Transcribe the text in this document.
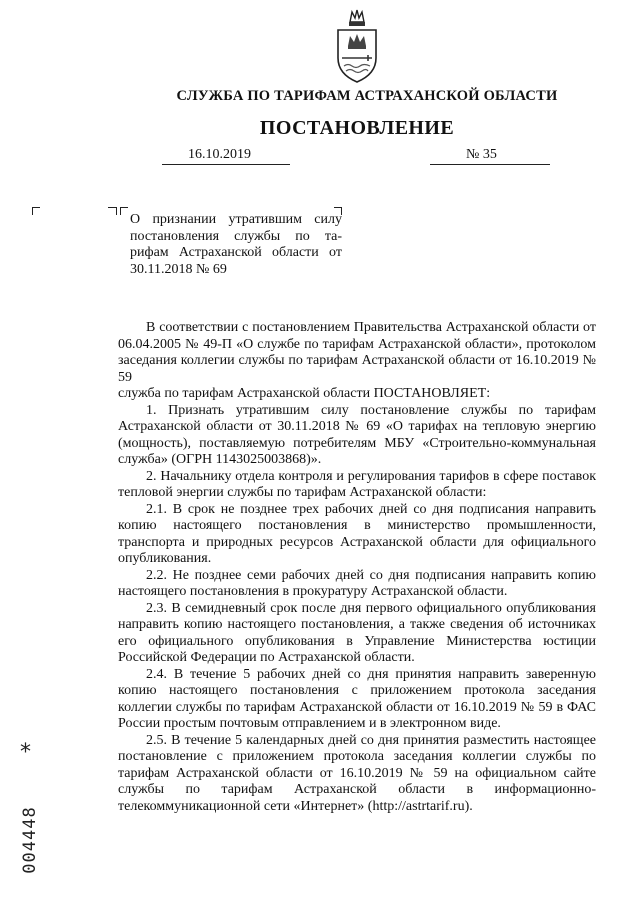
СЛУЖБА ПО ТАРИФАМ АСТРАХАНСКОЙ ОБЛАСТИ
ПОСТАНОВЛЕНИЕ
16.10.2019	№ 35
О признании утратившим силу
постановления службы по та-
рифам Астраханской области от
30.11.2018 № 69
В соответствии с постановлением Правительства Астраханской области от 06.04.2005 № 49-П «О службе по тарифам Астраханской области», протоколом заседания коллегии службы по тарифам Астраханской области от 16.10.2019 № 59
служба по тарифам Астраханской области ПОСТАНОВЛЯЕТ:
1. Признать утратившим силу постановление службы по тарифам Астраханской области от 30.11.2018 № 69 «О тарифах на тепловую энергию (мощность), поставляемую потребителям МБУ «Строительно-коммунальная служба» (ОГРН 1143025003868)».
2. Начальнику отдела контроля и регулирования тарифов в сфере поставок тепловой энергии службы по тарифам Астраханской области:
2.1. В срок не позднее трех рабочих дней со дня подписания направить копию настоящего постановления в министерство промышленности, транспорта и природных ресурсов Астраханской области для официального опубликования.
2.2. Не позднее семи рабочих дней со дня подписания направить копию настоящего постановления в прокуратуру Астраханской области.
2.3. В семидневный срок после дня первого официального опубликования направить копию настоящего постановления, а также сведения об источниках его официального опубликования в Управление Министерства юстиции Российской Федерации по Астраханской области.
2.4. В течение 5 рабочих дней со дня принятия направить заверенную копию настоящего постановления с приложением протокола заседания коллегии службы по тарифам Астраханской области от 16.10.2019 № 59 в ФАС России простым почтовым отправлением и в электронном виде.
2.5. В течение 5 календарных дней со дня принятия разместить настоящее постановление с приложением протокола заседания коллегии службы по тарифам Астраханской области от 16.10.2019 № 59 на официальном сайте службы по тарифам Астраханской области в информационно-телекоммуникационной сети «Интернет» (http://astrtarif.ru).
*
004448
